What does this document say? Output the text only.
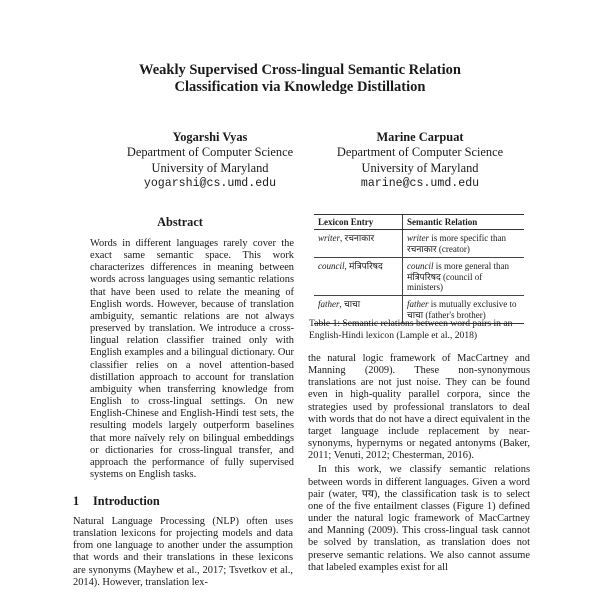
Weakly Supervised Cross-lingual Semantic Relation
Classification via Knowledge Distillation
Yogarshi Vyas
Department of Computer Science
University of Maryland
yogarshi@cs.umd.edu
Marine Carpuat
Department of Computer Science
University of Maryland
marine@cs.umd.edu
Abstract
Words in different languages rarely cover the exact same semantic space. This work characterizes differences in meaning between words across languages using semantic relations that have been used to relate the meaning of English words. However, because of translation ambiguity, semantic relations are not always preserved by translation. We introduce a cross-lingual relation classifier trained only with English examples and a bilingual dictionary. Our classifier relies on a novel attention-based distillation approach to account for translation ambiguity when transferring knowledge from English to cross-lingual settings. On new English-Chinese and English-Hindi test sets, the resulting models largely outperform baselines that more naïvely rely on bilingual embeddings or dictionaries for cross-lingual transfer, and approach the performance of fully supervised systems on English tasks.
1 Introduction
Natural Language Processing (NLP) often uses translation lexicons for projecting models and data from one language to another under the assumption that words and their translations in these lexicons are synonyms (Mayhew et al., 2017; Tsvetkov et al., 2014). However, translation lex-
Lexicon Entry	Semantic Relation
writer, रचनाकार	writer is more specific than
रचनाकार (creator)
council, मंत्रिपरिषद	council is more general than
मंत्रिपरिषद (council of ministers)
father, चाचा	father is mutually exclusive to
चाचा (father's brother)
Table 1: Semantic relations between word pairs in an English-Hindi lexicon (Lample et al., 2018)

the natural logic framework of MacCartney and Manning (2009). These non-synonymous translations are not just noise. They can be found even in high-quality parallel corpora, since the strategies used by professional translators to deal with words that do not have a direct equivalent in the target language include replacement by near-synonyms, hypernyms or negated antonyms (Baker, 2011; Venuti, 2012; Chesterman, 2016).

In this work, we classify semantic relations between words in different languages. Given a word pair (water, पय), the classification task is to select one of the five entailment classes (Figure 1) defined under the natural logic framework of MacCartney and Manning (2009). This cross-lingual task cannot be solved by translation, as translation does not preserve semantic relations. We also cannot assume that labeled examples exist for all
